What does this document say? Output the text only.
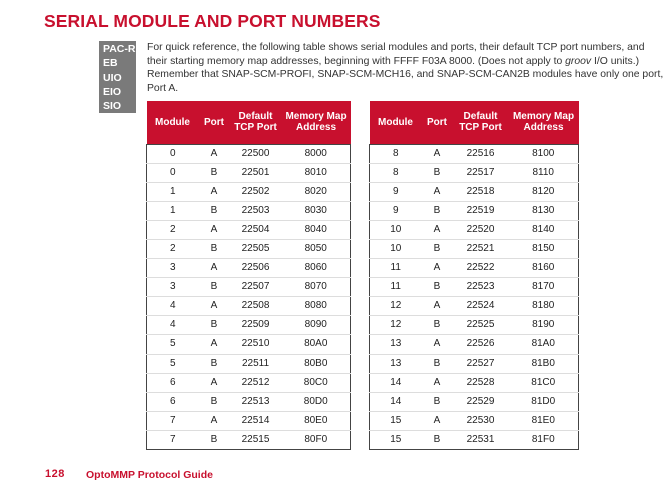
SERIAL MODULE AND PORT NUMBERS
PAC-R
EB
UIO
EIO
SIO

For quick reference, the following table shows serial modules and ports, their default TCP port numbers, and

their starting memory map addresses, beginning with FFFF F03A 8000. (Does not apply to groov I/O units.)

Remember that SNAP-SCM-PROFI, SNAP-SCM-MCH16, and SNAP-SCM-CAN2B modules have only one port,

Port A.

Module	Port	Default TCP Port	Memory Map Address
0	A	22500	8000
0	B	22501	8010
1	A	22502	8020
1	B	22503	8030
2	A	22504	8040
2	B	22505	8050
3	A	22506	8060
3	B	22507	8070
4	A	22508	8080
4	B	22509	8090
5	A	22510	80A0
5	B	22511	80B0
6	A	22512	80C0
6	B	22513	80D0
7	A	22514	80E0
7	B	22515	80F0
Module	Port	Default TCP Port	Memory Map Address
8	A	22516	8100
8	B	22517	8110
9	A	22518	8120
9	B	22519	8130
10	A	22520	8140
10	B	22521	8150
11	A	22522	8160
11	B	22523	8170
12	A	22524	8180
12	B	22525	8190
13	A	22526	81A0
13	B	22527	81B0
14	A	22528	81C0
14	B	22529	81D0
15	A	22530	81E0
15	B	22531	81F0
128 OptoMMP Protocol Guide
